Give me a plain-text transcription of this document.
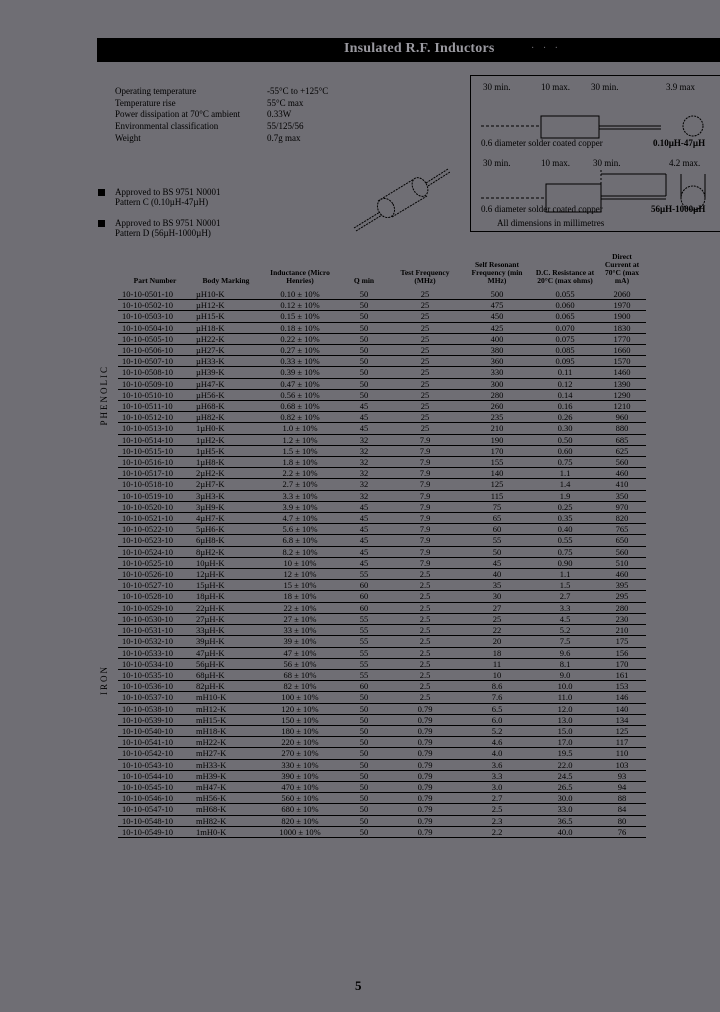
Insulated R.F. Inductors	· · ·
Operating temperature	-55°C to +125°C
Temperature rise	55°C max
Power dissipation at 70°C ambient	0.33W
Environmental classification	55/125/56
Weight	0.7g max
Approved to BS 9751 N0001
Pattern C (0.10µH-47µH)
Approved to BS 9751 N0001
Pattern D (56µH-1000µH)
30 min.	10 max. 30 min.	3.9 max
0.6 diameter solder coated copper	0.10µH-47µH
30 min.	10 max.	30 min.	4.2 max.
0.6 diameter solder coated copper	56µH-1000µH
All dimensions in millimetres
PHENOLIC
IRON
Part Number	Body Marking	Inductance (Micro Henries)	Q min	Test Frequency (MHz)	Self Resonant Frequency (min MHz)	D.C. Resistance at 20°C (max ohms)	Direct Current at 70°C (max mA)
10-10-0501-10	µH10-K	0.10 ± 10%	50	25	500	0.055	2060
10-10-0502-10	µH12-K	0.12 ± 10%	50	25	475	0.060	1970
10-10-0503-10	µH15-K	0.15 ± 10%	50	25	450	0.065	1900
10-10-0504-10	µH18-K	0.18 ± 10%	50	25	425	0.070	1830
10-10-0505-10	µH22-K	0.22 ± 10%	50	25	400	0.075	1770
10-10-0506-10	µH27-K	0.27 ± 10%	50	25	380	0.085	1660
10-10-0507-10	µH33-K	0.33 ± 10%	50	25	360	0.095	1570
10-10-0508-10	µH39-K	0.39 ± 10%	50	25	330	0.11	1460
10-10-0509-10	µH47-K	0.47 ± 10%	50	25	300	0.12	1390
10-10-0510-10	µH56-K	0.56 ± 10%	50	25	280	0.14	1290
10-10-0511-10	µH68-K	0.68 ± 10%	45	25	260	0.16	1210
10-10-0512-10	µH82-K	0.82 ± 10%	45	25	235	0.26	960
10-10-0513-10	1µH0-K	1.0 ± 10%	45	25	210	0.30	880
10-10-0514-10	1µH2-K	1.2 ± 10%	32	7.9	190	0.50	685
10-10-0515-10	1µH5-K	1.5 ± 10%	32	7.9	170	0.60	625
10-10-0516-10	1µH8-K	1.8 ± 10%	32	7.9	155	0.75	560
10-10-0517-10	2µH2-K	2.2 ± 10%	32	7.9	140	1.1	460
10-10-0518-10	2µH7-K	2.7 ± 10%	32	7.9	125	1.4	410
10-10-0519-10	3µH3-K	3.3 ± 10%	32	7.9	115	1.9	350
10-10-0520-10	3µH9-K	3.9 ± 10%	45	7.9	75	0.25	970
10-10-0521-10	4µH7-K	4.7 ± 10%	45	7.9	65	0.35	820
10-10-0522-10	5µH6-K	5.6 ± 10%	45	7.9	60	0.40	765
10-10-0523-10	6µH8-K	6.8 ± 10%	45	7.9	55	0.55	650
10-10-0524-10	8µH2-K	8.2 ± 10%	45	7.9	50	0.75	560
10-10-0525-10	10µH-K	10 ± 10%	45	7.9	45	0.90	510
10-10-0526-10	12µH-K	12 ± 10%	55	2.5	40	1.1	460
10-10-0527-10	15µH-K	15 ± 10%	60	2.5	35	1.5	395
10-10-0528-10	18µH-K	18 ± 10%	60	2.5	30	2.7	295
10-10-0529-10	22µH-K	22 ± 10%	60	2.5	27	3.3	280
10-10-0530-10	27µH-K	27 ± 10%	55	2.5	25	4.5	230
10-10-0531-10	33µH-K	33 ± 10%	55	2.5	22	5.2	210
10-10-0532-10	39µH-K	39 ± 10%	55	2.5	20	7.5	175
10-10-0533-10	47µH-K	47 ± 10%	55	2.5	18	9.6	156
10-10-0534-10	56µH-K	56 ± 10%	55	2.5	11	8.1	170
10-10-0535-10	68µH-K	68 ± 10%	55	2.5	10	9.0	161
10-10-0536-10	82µH-K	82 ± 10%	60	2.5	8.6	10.0	153
10-10-0537-10	mH10-K	100 ± 10%	50	2.5	7.6	11.0	146
10-10-0538-10	mH12-K	120 ± 10%	50	0.79	6.5	12.0	140
10-10-0539-10	mH15-K	150 ± 10%	50	0.79	6.0	13.0	134
10-10-0540-10	mH18-K	180 ± 10%	50	0.79	5.2	15.0	125
10-10-0541-10	mH22-K	220 ± 10%	50	0.79	4.6	17.0	117
10-10-0542-10	mH27-K	270 ± 10%	50	0.79	4.0	19.5	110
10-10-0543-10	mH33-K	330 ± 10%	50	0.79	3.6	22.0	103
10-10-0544-10	mH39-K	390 ± 10%	50	0.79	3.3	24.5	93
10-10-0545-10	mH47-K	470 ± 10%	50	0.79	3.0	26.5	94
10-10-0546-10	mH56-K	560 ± 10%	50	0.79	2.7	30.0	88
10-10-0547-10	mH68-K	680 ± 10%	50	0.79	2.5	33.0	84
10-10-0548-10	mH82-K	820 ± 10%	50	0.79	2.3	36.5	80
10-10-0549-10	1mH0-K	1000 ± 10%	50	0.79	2.2	40.0	76
5
